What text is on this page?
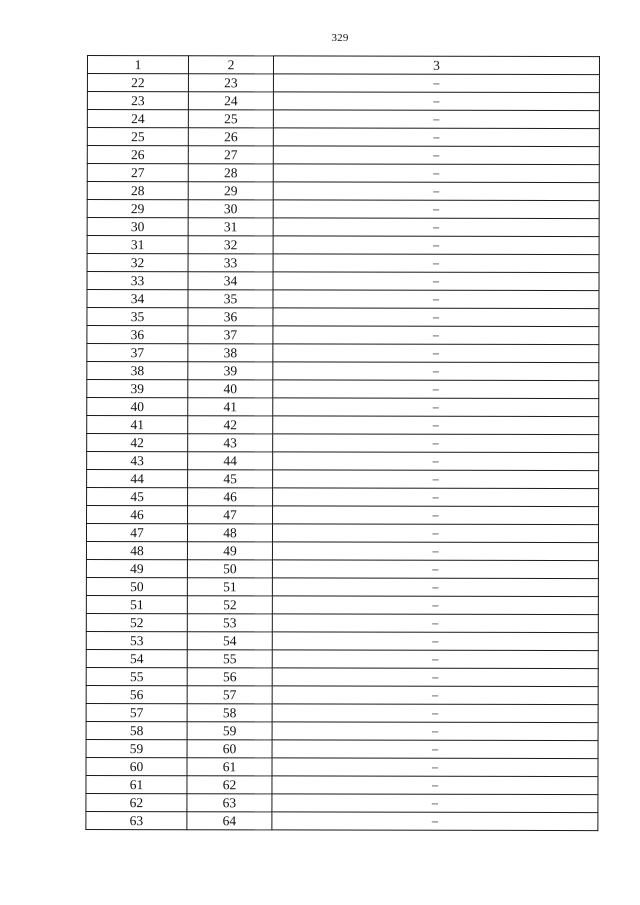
329
1	2	3
22	23	–
23	24	–
24	25	–
25	26	–
26	27	–
27	28	–
28	29	–
29	30	–
30	31	–
31	32	–
32	33	–
33	34	–
34	35	–
35	36	–
36	37	–
37	38	–
38	39	–
39	40	–
40	41	–
41	42	–
42	43	–
43	44	–
44	45	–
45	46	–
46	47	–
47	48	–
48	49	–
49	50	–
50	51	–
51	52	–
52	53	–
53	54	–
54	55	–
55	56	–
56	57	–
57	58	–
58	59	–
59	60	–
60	61	–
61	62	–
62	63	–
63	64	–
